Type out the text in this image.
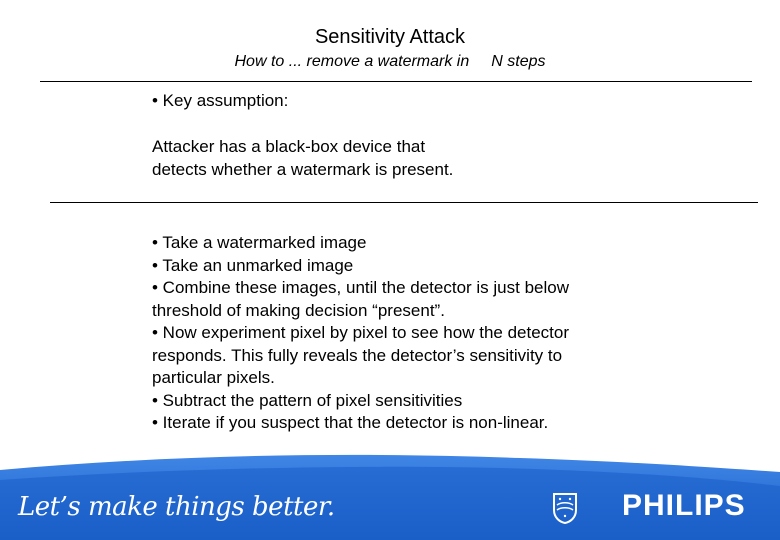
Sensitivity Attack
How to ... remove a watermark in N steps
• Key assumption:
Attacker has a black-box device that
detects whether a watermark is present.
• Take a watermarked image
• Take an unmarked image
• Combine these images, until the detector is just below
threshold of making decision “present”.
• Now experiment pixel by pixel to see how the detector
responds. This fully reveals the detector’s sensitivity to
particular pixels.
• Subtract the pattern of pixel sensitivities
• Iterate if you suspect that the detector is non-linear.
Let’s make things better.	PHILIPS
